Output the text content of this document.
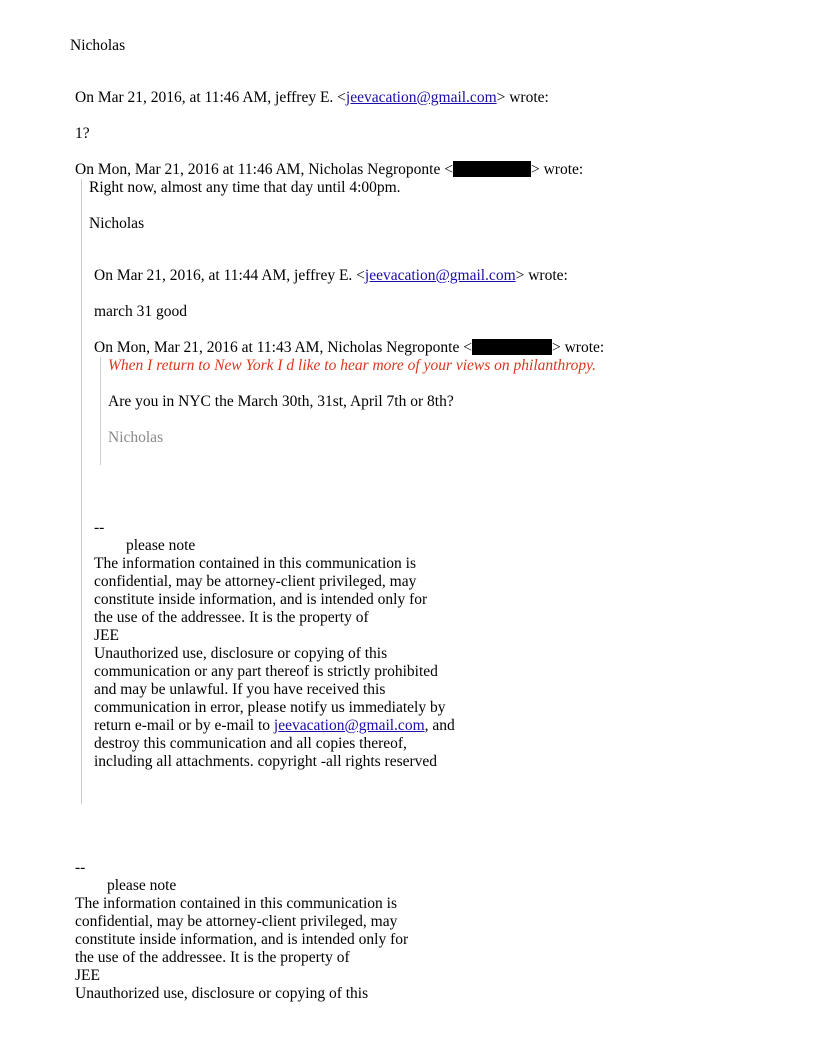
Nicholas
On Mar 21, 2016, at 11:46 AM, jeffrey E. <jeevacation@gmail.com> wrote:
1?
On Mon, Mar 21, 2016 at 11:46 AM, Nicholas Negroponte <	> wrote:
Right now, almost any time that day until 4:00pm.
Nicholas
On Mar 21, 2016, at 11:44 AM, jeffrey E. <jeevacation@gmail.com> wrote:
march 31 good
On Mon, Mar 21, 2016 at 11:43 AM, Nicholas Negroponte <	> wrote:
When I return to New York I d like to hear more of your views on philanthropy.
Are you in NYC the March 30th, 31st, April 7th or 8th?
Nicholas
--
please note
The information contained in this communication is
confidential, may be attorney-client privileged, may
constitute inside information, and is intended only for
the use of the addressee. It is the property of
JEE
Unauthorized use, disclosure or copying of this
communication or any part thereof is strictly prohibited
and may be unlawful. If you have received this
communication in error, please notify us immediately by
return e-mail or by e-mail to jeevacation@gmail.com, and
destroy this communication and all copies thereof,
including all attachments. copyright -all rights reserved
--
please note
The information contained in this communication is
confidential, may be attorney-client privileged, may
constitute inside information, and is intended only for
the use of the addressee. It is the property of
JEE
Unauthorized use, disclosure or copying of this
